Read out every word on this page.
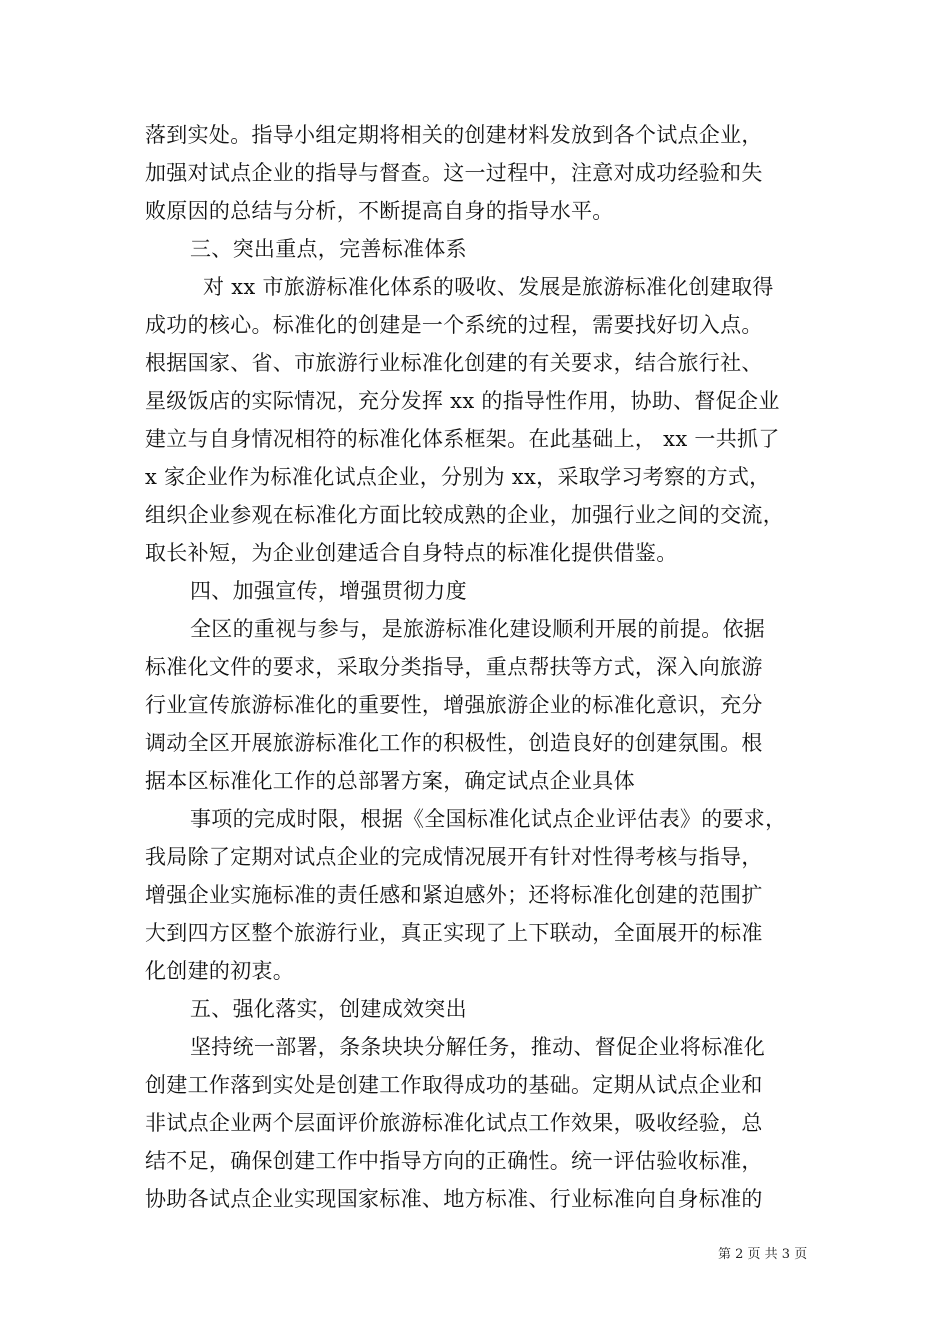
落到实处。指导小组定期将相关的创建材料发放到各个试点企业，
加强对试点企业的指导与督查。这一过程中，注意对成功经验和失
败原因的总结与分析，不断提高自身的指导水平。
三、突出重点，完善标准体系
对 xx 市旅游标准化体系的吸收、发展是旅游标准化创建取得
成功的核心。标准化的创建是一个系统的过程，需要找好切入点。
根据国家、省、市旅游行业标准化创建的有关要求，结合旅行社、
星级饭店的实际情况，充分发挥 xx 的指导性作用，协助、督促企业
建立与自身情况相符的标准化体系框架。在此基础上， xx 一共抓了
x 家企业作为标准化试点企业，分别为 xx，采取学习考察的方式，
组织企业参观在标准化方面比较成熟的企业，加强行业之间的交流，
取长补短，为企业创建适合自身特点的标准化提供借鉴。
四、加强宣传，增强贯彻力度
全区的重视与参与，是旅游标准化建设顺利开展的前提。依据
标准化文件的要求，采取分类指导，重点帮扶等方式，深入向旅游
行业宣传旅游标准化的重要性，增强旅游企业的标准化意识，充分
调动全区开展旅游标准化工作的积极性，创造良好的创建氛围。根
据本区标准化工作的总部署方案，确定试点企业具体
事项的完成时限，根据《全国标准化试点企业评估表》的要求，
我局除了定期对试点企业的完成情况展开有针对性得考核与指导，
增强企业实施标准的责任感和紧迫感外；还将标准化创建的范围扩
大到四方区整个旅游行业，真正实现了上下联动，全面展开的标准
化创建的初衷。
五、强化落实，创建成效突出
坚持统一部署，条条块块分解任务，推动、督促企业将标准化
创建工作落到实处是创建工作取得成功的基础。定期从试点企业和
非试点企业两个层面评价旅游标准化试点工作效果，吸收经验，总
结不足，确保创建工作中指导方向的正确性。统一评估验收标准，
协助各试点企业实现国家标准、地方标准、行业标准向自身标准的
第 2 页 共 3 页
